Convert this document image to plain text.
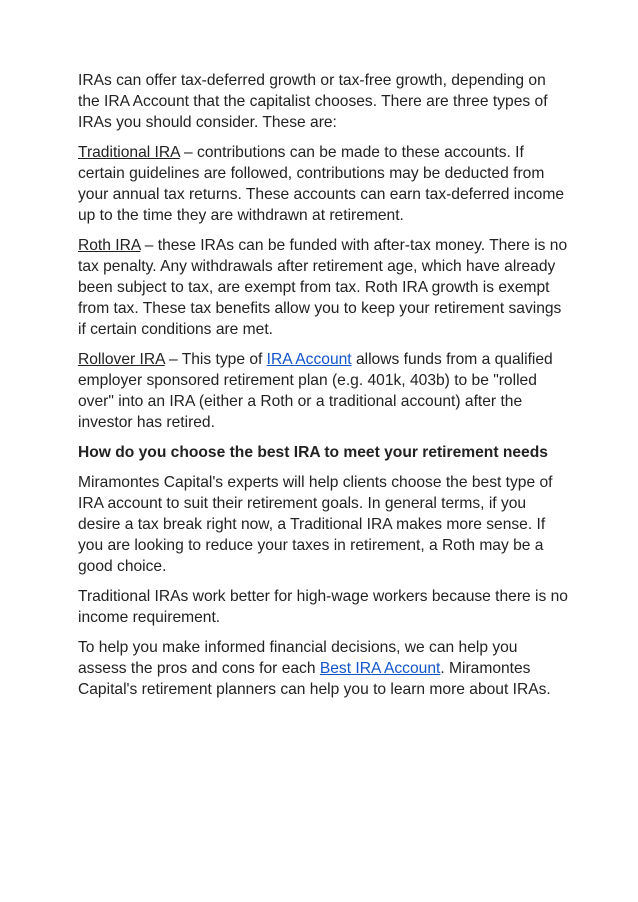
IRAs can offer tax-deferred growth or tax-free growth, depending on the IRA Account that the capitalist chooses. There are three types of IRAs you should consider. These are:

Traditional IRA – contributions can be made to these accounts. If certain guidelines are followed, contributions may be deducted from your annual tax returns. These accounts can earn tax-deferred income up to the time they are withdrawn at retirement.

Roth IRA – these IRAs can be funded with after-tax money. There is no tax penalty. Any withdrawals after retirement age, which have already been subject to tax, are exempt from tax. Roth IRA growth is exempt from tax. These tax benefits allow you to keep your retirement savings if certain conditions are met.

Rollover IRA – This type of IRA Account allows funds from a qualified employer sponsored retirement plan (e.g. 401k, 403b) to be "rolled over" into an IRA (either a Roth or a traditional account) after the investor has retired.

How do you choose the best IRA to meet your retirement needs

Miramontes Capital's experts will help clients choose the best type of IRA account to suit their retirement goals. In general terms, if you desire a tax break right now, a Traditional IRA makes more sense. If you are looking to reduce your taxes in retirement, a Roth may be a good choice.

Traditional IRAs work better for high-wage workers because there is no income requirement.

To help you make informed financial decisions, we can help you assess the pros and cons for each Best IRA Account. Miramontes Capital's retirement planners can help you to learn more about IRAs.
